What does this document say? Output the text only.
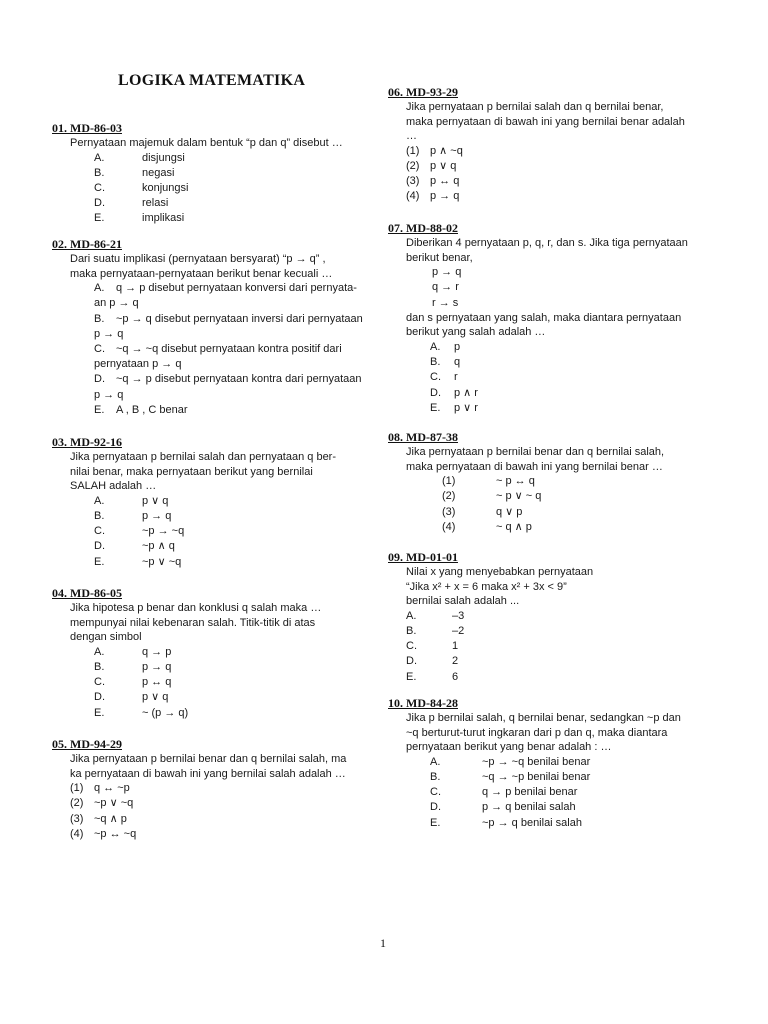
LOGIKA MATEMATIKA
01. MD-86-03
Pernyataan majemuk dalam bentuk “p dan q” disebut …
A.	disjungsi
B.	negasi
C.	konjungsi
D.	relasi
E.	implikasi
02. MD-86-21
Dari suatu implikasi (pernyataan bersyarat) “p → q” ,
maka pernyataan-pernyataan berikut benar kecuali …
A.	q → p disebut pernyataan konversi dari pernyata-an p → q
B.	~p → q disebut pernyataan inversi dari pernyataan p → q
C.	~q → ~q disebut pernyataan kontra positif dari pernyataan p → q
D.	~q → p disebut pernyataan kontra dari pernyataan p → q
E. A , B , C benar
03. MD-92-16
Jika pernyataan p bernilai salah dan pernyataan q ber-
nilai benar, maka pernyataan berikut yang bernilai
SALAH adalah …
A.	p ∨ q
B.	p → q
C.	~p → ~q
D.	~p ∧ q
E.	~p ∨ ~q
04. MD-86-05
Jika hipotesa p benar dan konklusi q salah maka …
mempunyai nilai kebenaran salah. Titik-titik di atas
dengan simbol
A.	q → p
B.	p → q
C.	p ↔ q
D.	p ∨ q
E.	~ (p → q)
05. MD-94-29
Jika pernyataan p bernilai benar dan q bernilai salah, ma
ka pernyataan di bawah ini yang bernilai salah adalah …
(1) q ↔ ~p
(2) ~p ∨ ~q
(3) ~q ∧ p
(4) ~p ↔ ~q
06. MD-93-29
Jika pernyataan p bernilai salah dan q bernilai benar,
maka pernyataan di bawah ini yang bernilai benar adalah
…
(1) p ∧ ~q
(2) p ∨ q
(3) p ↔ q
(4) p → q
07. MD-88-02
Diberikan 4 pernyataan p, q, r, dan s. Jika tiga pernyataan
berikut benar,
p → q
q → r
r → s
dan s pernyataan yang salah, maka diantara pernyataan
berikut yang salah adalah …
A. p
B. q
C. r
D. p ∧ r
E. p ∨ r
08. MD-87-38
Jika pernyataan p bernilai benar dan q bernilai salah,
maka pernyataan di bawah ini yang bernilai benar …
(1)	~ p ↔ q
(2)	~ p ∨ ~ q
(3)	q ∨ p
(4)	~ q ∧ p
09. MD-01-01
Nilai x yang menyebabkan pernyataan
“Jika x² + x = 6 maka x² + 3x < 9”
bernilai salah adalah ...
A.	–3
B.	–2
C.	1
D.	2
E.	6
10. MD-84-28
Jika p bernilai salah, q bernilai benar, sedangkan ~p dan
~q berturut-turut ingkaran dari p dan q, maka diantara
pernyataan berikut yang benar adalah : …
A.	~p → ~q benilai benar
B.	~q → ~p benilai benar
C.	q → p benilai benar
D.	p → q benilai salah
E.	~p → q benilai salah
1
